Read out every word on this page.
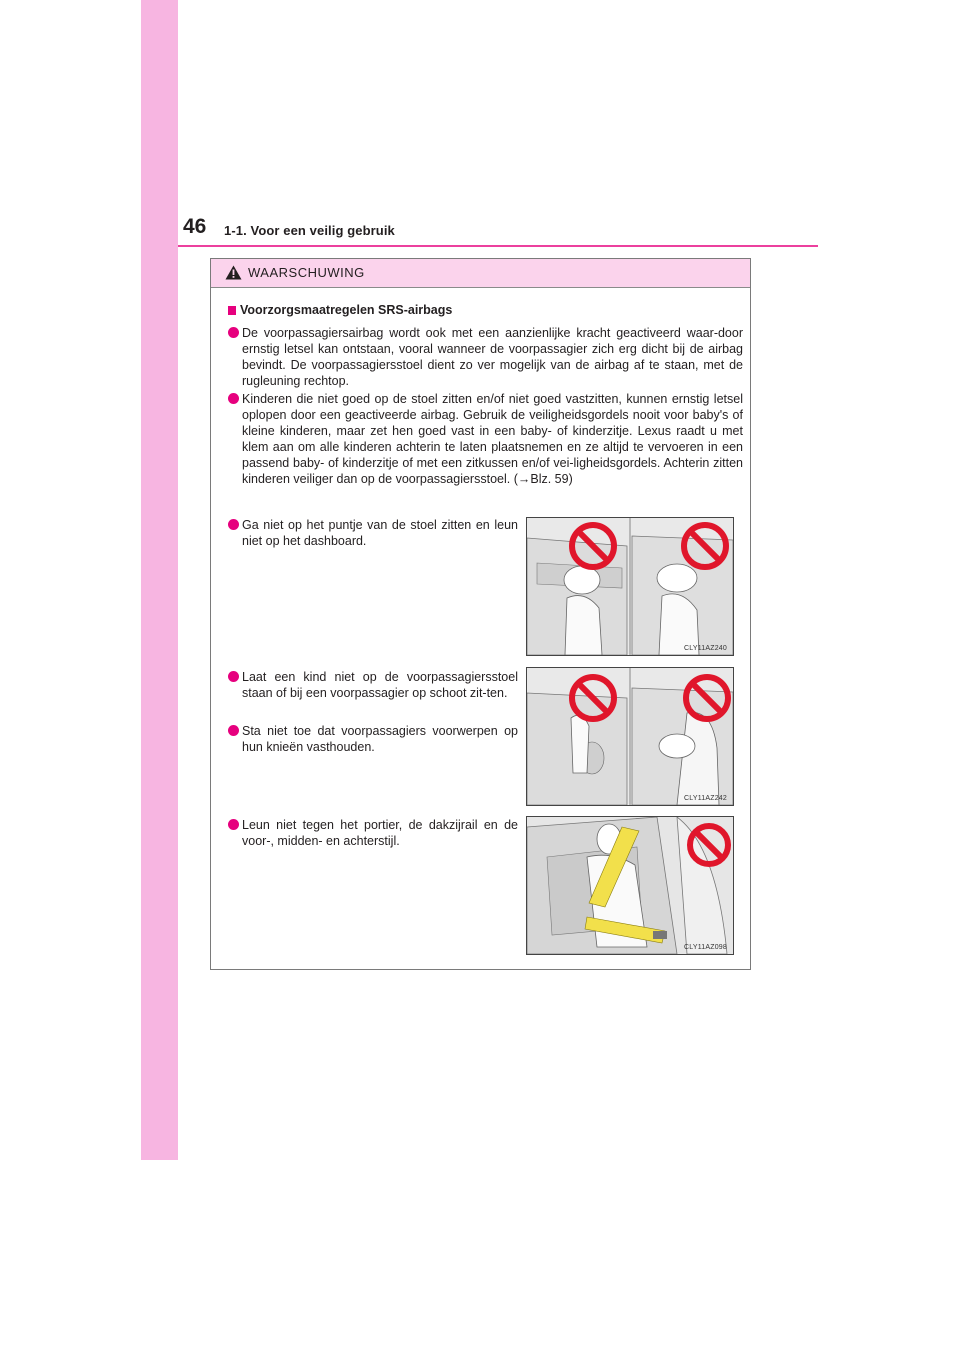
46 1-1. Voor een veilig gebruik
WAARSCHUWING
Voorzorgsmaatregelen SRS-airbags
De voorpassagiersairbag wordt ook met een aanzienlijke kracht geactiveerd waar-door ernstig letsel kan ontstaan, vooral wanneer de voorpassagier zich erg dicht bij de airbag bevindt. De voorpassagiersstoel dient zo ver mogelijk van de airbag af te staan, met de rugleuning rechtop.
Kinderen die niet goed op de stoel zitten en/of niet goed vastzitten, kunnen ernstig letsel oplopen door een geactiveerde airbag. Gebruik de veiligheidsgordels nooit voor baby's of kleine kinderen, maar zet hen goed vast in een baby- of kinderzitje. Lexus raadt u met klem aan om alle kinderen achterin te laten plaatsnemen en ze altijd te vervoeren in een passend baby- of kinderzitje of met een zitkussen en/of vei-ligheidsgordels. Achterin zitten kinderen veiliger dan op de voorpassagiersstoel. (→Blz. 59)
Ga niet op het puntje van de stoel zitten en leun niet op het dashboard.
Laat een kind niet op de voorpassagiersstoel staan of bij een voorpassagier op schoot zit-ten.
Sta niet toe dat voorpassagiers voorwerpen op hun knieën vasthouden.
Leun niet tegen het portier, de dakzijrail en de voor-, midden- en achterstijl.
CLY11AZ240
CLY11AZ242
CLY11AZ098
